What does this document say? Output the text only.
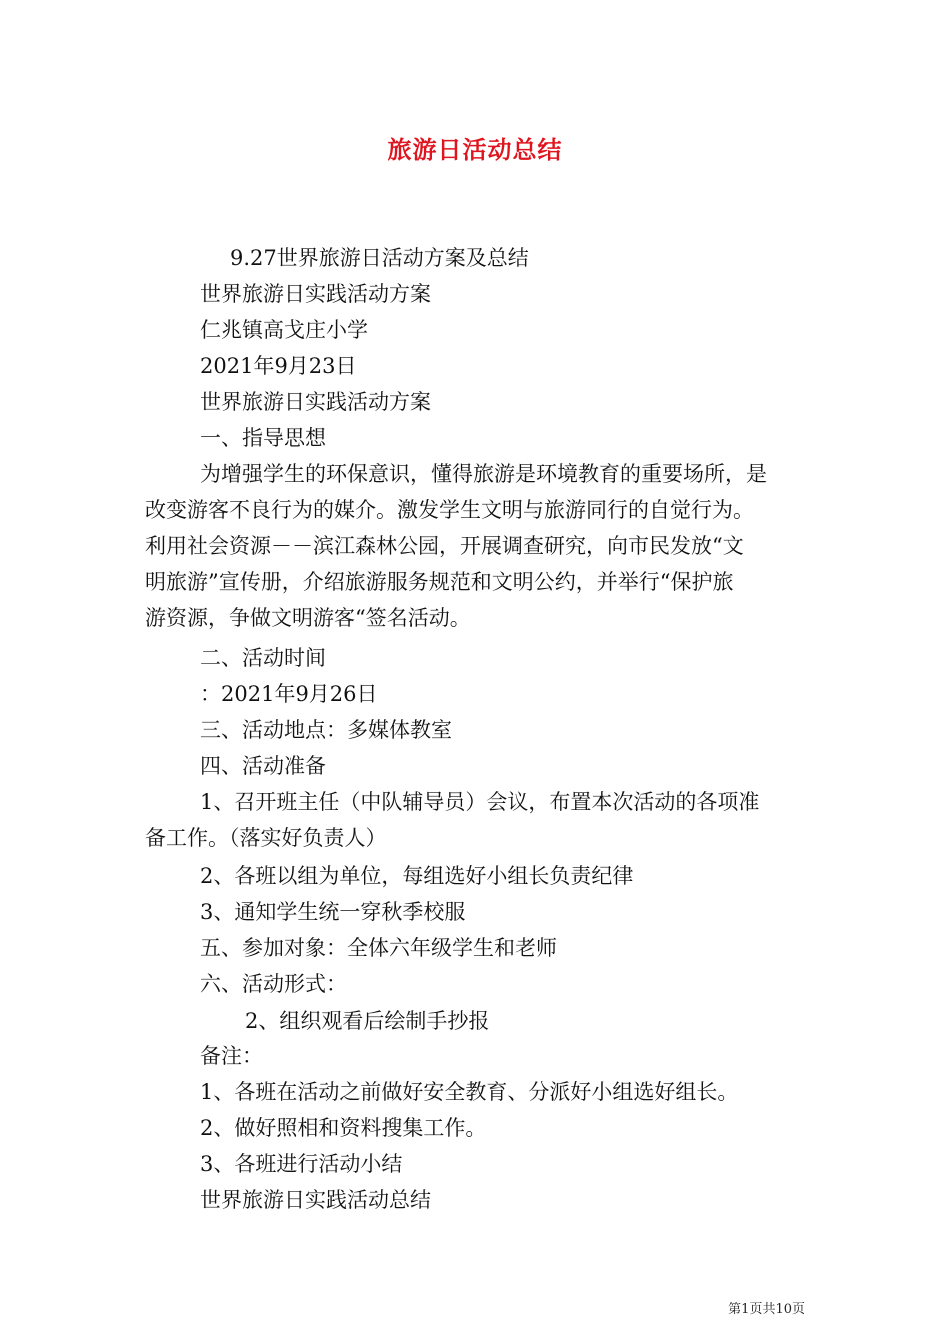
旅游日活动总结
9.27世界旅游日活动方案及总结
世界旅游日实践活动方案
仁兆镇高戈庄小学
2021年9月23日
世界旅游日实践活动方案
一、指导思想
为增强学生的环保意识，懂得旅游是环境教育的重要场所，是
改变游客不良行为的媒介。激发学生文明与旅游同行的自觉行为。
利用社会资源－－滨江森林公园，开展调查研究，向市民发放“文
明旅游”宣传册，介绍旅游服务规范和文明公约，并举行“保护旅
游资源，争做文明游客“签名活动。
二、活动时间
：2021年9月26日
三、活动地点：多媒体教室
四、活动准备
1、召开班主任（中队辅导员）会议，布置本次活动的各项准
备工作。（落实好负责人）
2、各班以组为单位，每组选好小组长负责纪律
3、通知学生统一穿秋季校服
五、参加对象：全体六年级学生和老师
六、活动形式：
2、组织观看后绘制手抄报
备注：
1、各班在活动之前做好安全教育、分派好小组选好组长。
2、做好照相和资料搜集工作。
3、各班进行活动小结
世界旅游日实践活动总结
第1页共10页
